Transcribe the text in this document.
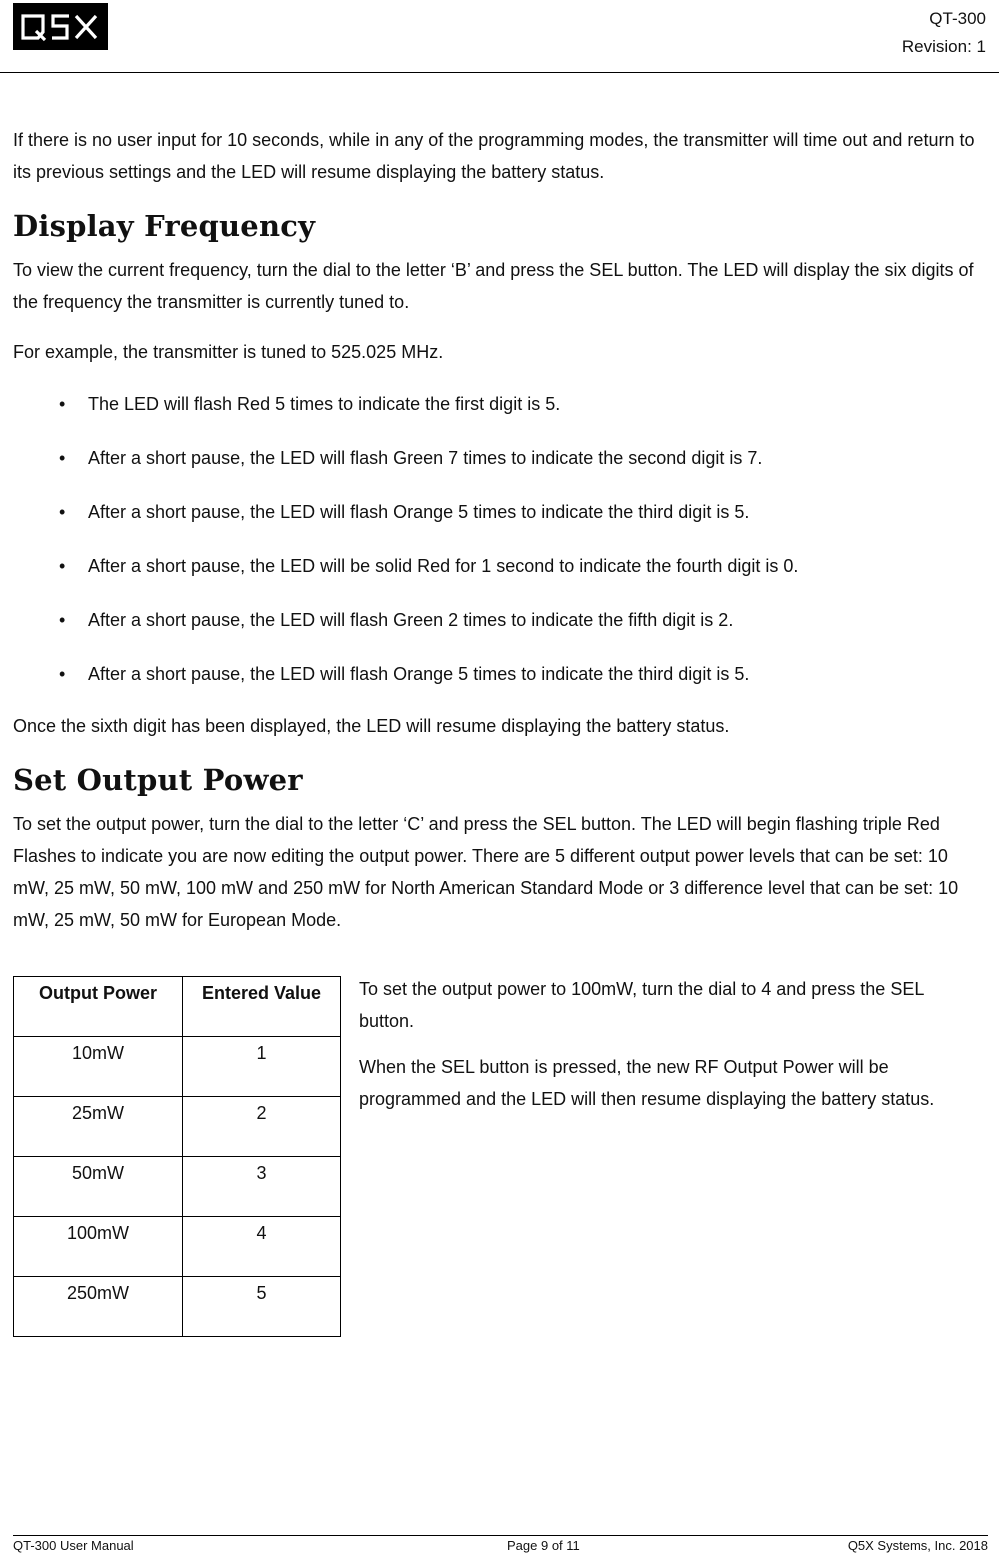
QT-300
Revision: 1

If there is no user input for 10 seconds, while in any of the programming modes, the transmitter will time out and return to its previous settings and the LED will resume displaying the battery status.

Display Frequency

To view the current frequency, turn the dial to the letter ‘B’ and press the SEL button. The LED will display the six digits of the frequency the transmitter is currently tuned to.

For example, the transmitter is tuned to 525.025 MHz.

• The LED will flash Red 5 times to indicate the first digit is 5.
• After a short pause, the LED will flash Green 7 times to indicate the second digit is 7.
• After a short pause, the LED will flash Orange 5 times to indicate the third digit is 5.
• After a short pause, the LED will be solid Red for 1 second to indicate the fourth digit is 0.
• After a short pause, the LED will flash Green 2 times to indicate the fifth digit is 2.
• After a short pause, the LED will flash Orange 5 times to indicate the third digit is 5.

Once the sixth digit has been displayed, the LED will resume displaying the battery status.

Set Output Power

To set the output power, turn the dial to the letter ‘C’ and press the SEL button. The LED will begin flashing triple Red Flashes to indicate you are now editing the output power. There are 5 different output power levels that can be set: 10 mW, 25 mW, 50 mW, 100 mW and 250 mW for North American Standard Mode or 3 difference level that can be set: 10 mW, 25 mW, 50 mW for European Mode.

Output Power	Entered Value
10mW	1
25mW	2
50mW	3
100mW	4
250mW	5

To set the output power to 100mW, turn the dial to 4 and press the SEL button.

When the SEL button is pressed, the new RF Output Power will be programmed and the LED will then resume displaying the battery status.

QT-300 User Manual	Page 9 of 11	Q5X Systems, Inc. 2018
